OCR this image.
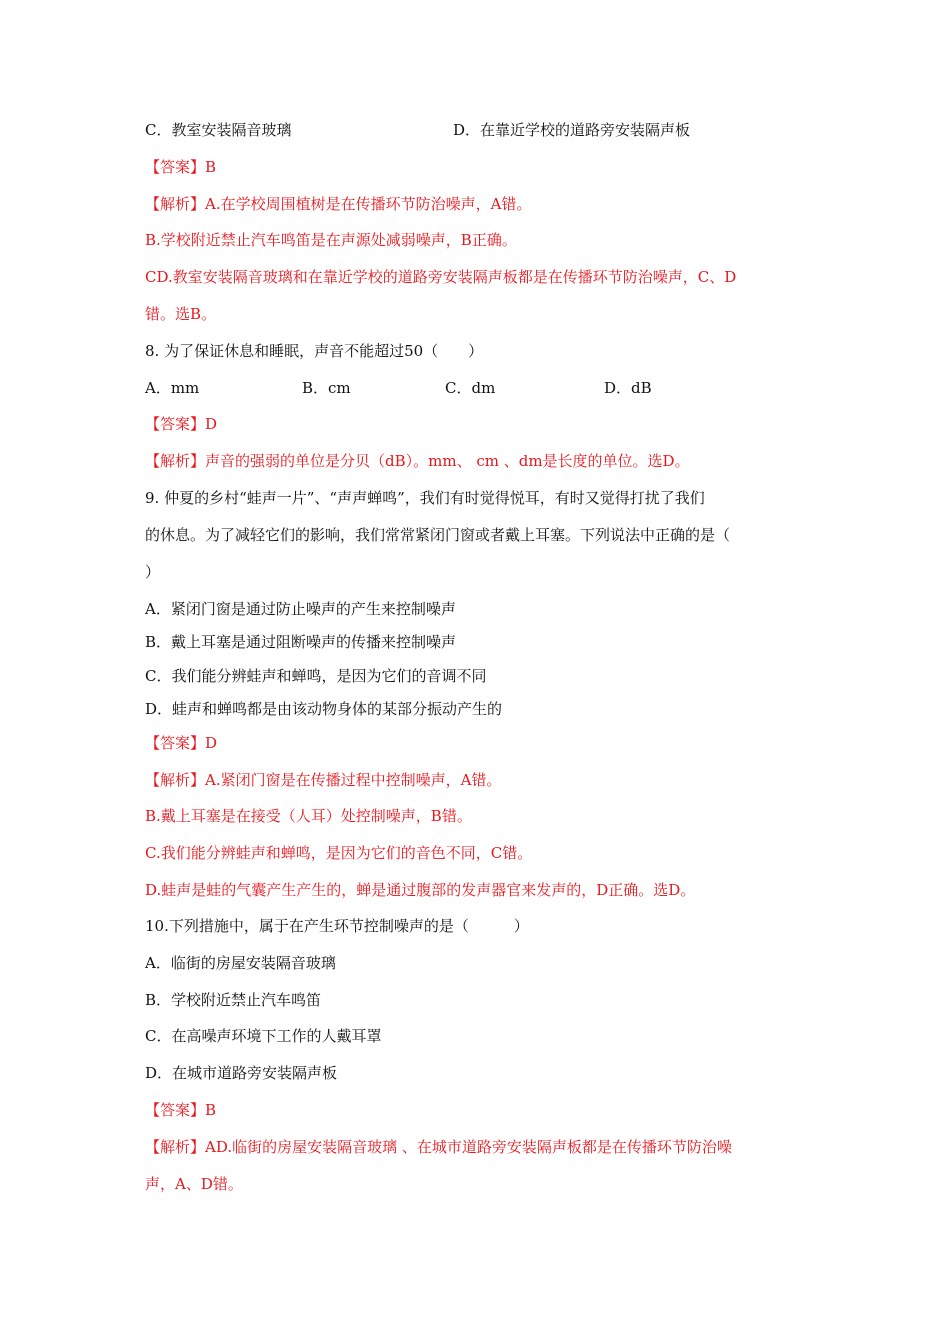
C．教室安装隔音玻璃	D．在靠近学校的道路旁安装隔声板
【答案】B
【解析】A.在学校周围植树是在传播环节防治噪声，A错。
B.学校附近禁止汽车鸣笛是在声源处减弱噪声，B正确。
CD.教室安装隔音玻璃和在靠近学校的道路旁安装隔声板都是在传播环节防治噪声，C、D
错。选B。
8. 为了保证休息和睡眠，声音不能超过50（　　）
A．mm	B．cm	C．dm	D．dB
【答案】D
【解析】声音的强弱的单位是分贝（dB）。mm、 cm 、dm是长度的单位。选D。
9. 仲夏的乡村“蛙声一片”、“声声蝉鸣”，我们有时觉得悦耳，有时又觉得打扰了我们
的休息。为了减轻它们的影响，我们常常紧闭门窗或者戴上耳塞。下列说法中正确的是（
）
A．紧闭门窗是通过防止噪声的产生来控制噪声
B．戴上耳塞是通过阻断噪声的传播来控制噪声
C．我们能分辨蛙声和蝉鸣，是因为它们的音调不同
D．蛙声和蝉鸣都是由该动物身体的某部分振动产生的
【答案】D
【解析】A.紧闭门窗是在传播过程中控制噪声，A错。
B.戴上耳塞是在接受（人耳）处控制噪声，B错。
C.我们能分辨蛙声和蝉鸣，是因为它们的音色不同，C错。
D.蛙声是蛙的气囊产生产生的，蝉是通过腹部的发声器官来发声的，D正确。选D。
10.下列措施中，属于在产生环节控制噪声的是（　　　）
A．临街的房屋安装隔音玻璃
B．学校附近禁止汽车鸣笛
C．在高噪声环境下工作的人戴耳罩
D．在城市道路旁安装隔声板
【答案】B
【解析】AD.临街的房屋安装隔音玻璃 、在城市道路旁安装隔声板都是在传播环节防治噪
声，A、D错。
